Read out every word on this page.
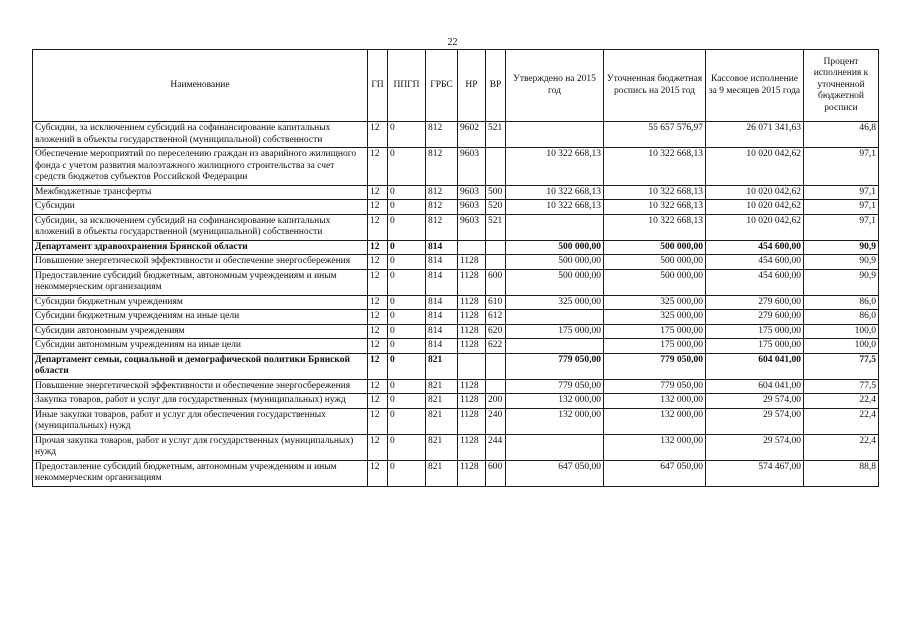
22
Наименование	ГП	ППГП	ГРБС	НР	ВР	Утверждено на 2015 год	Уточненная бюджетная роспись на 2015 год	Кассовое исполнение за 9 месяцев 2015 года	Процент исполнения к уточненной бюджетной росписи
Субсидии, за исключением субсидий на софинансирование капитальных вложений в объекты государственной (муниципальной) собственности	12	0	812	9602	521		55 657 576,97	26 071 341,63	46,8
Обеспечение мероприятий по переселению граждан из аварийного жилищного фонда с учетом развития малоэтажного жилищного строительства за счет средств бюджетов субъектов Российской Федерации	12	0	812	9603		10 322 668,13	10 322 668,13	10 020 042,62	97,1
Межбюджетные трансферты	12	0	812	9603	500	10 322 668,13	10 322 668,13	10 020 042,62	97,1
Субсидии	12	0	812	9603	520	10 322 668,13	10 322 668,13	10 020 042,62	97,1
Субсидии, за исключением субсидий на софинансирование капитальных вложений в объекты государственной (муниципальной) собственности	12	0	812	9603	521		10 322 668,13	10 020 042,62	97,1
Департамент здравоохранения Брянской области	12	0	814			500 000,00	500 000,00	454 600,00	90,9
Повышение энергетической эффективности и обеспечение энергосбережения	12	0	814	1128		500 000,00	500 000,00	454 600,00	90,9
Предоставление субсидий бюджетным, автономным учреждениям и иным некоммерческим организациям	12	0	814	1128	600	500 000,00	500 000,00	454 600,00	90,9
Субсидии бюджетным учреждениям	12	0	814	1128	610	325 000,00	325 000,00	279 600,00	86,0
Субсидии бюджетным учреждениям на иные цели	12	0	814	1128	612		325 000,00	279 600,00	86,0
Субсидии автономным учреждениям	12	0	814	1128	620	175 000,00	175 000,00	175 000,00	100,0
Субсидии автономным учреждениям на иные цели	12	0	814	1128	622		175 000,00	175 000,00	100,0
Департамент семьи, социальной и демографической политики Брянской области	12	0	821			779 050,00	779 050,00	604 041,00	77,5
Повышение энергетической эффективности и обеспечение энергосбережения	12	0	821	1128		779 050,00	779 050,00	604 041,00	77,5
Закупка товаров, работ и услуг для государственных (муниципальных) нужд	12	0	821	1128	200	132 000,00	132 000,00	29 574,00	22,4
Иные закупки товаров, работ и услуг для обеспечения государственных (муниципальных) нужд	12	0	821	1128	240	132 000,00	132 000,00	29 574,00	22,4
Прочая закупка товаров, работ и услуг для государственных (муниципальных) нужд	12	0	821	1128	244		132 000,00	29 574,00	22,4
Предоставление субсидий бюджетным, автономным учреждениям и иным некоммерческим организациям	12	0	821	1128	600	647 050,00	647 050,00	574 467,00	88,8
